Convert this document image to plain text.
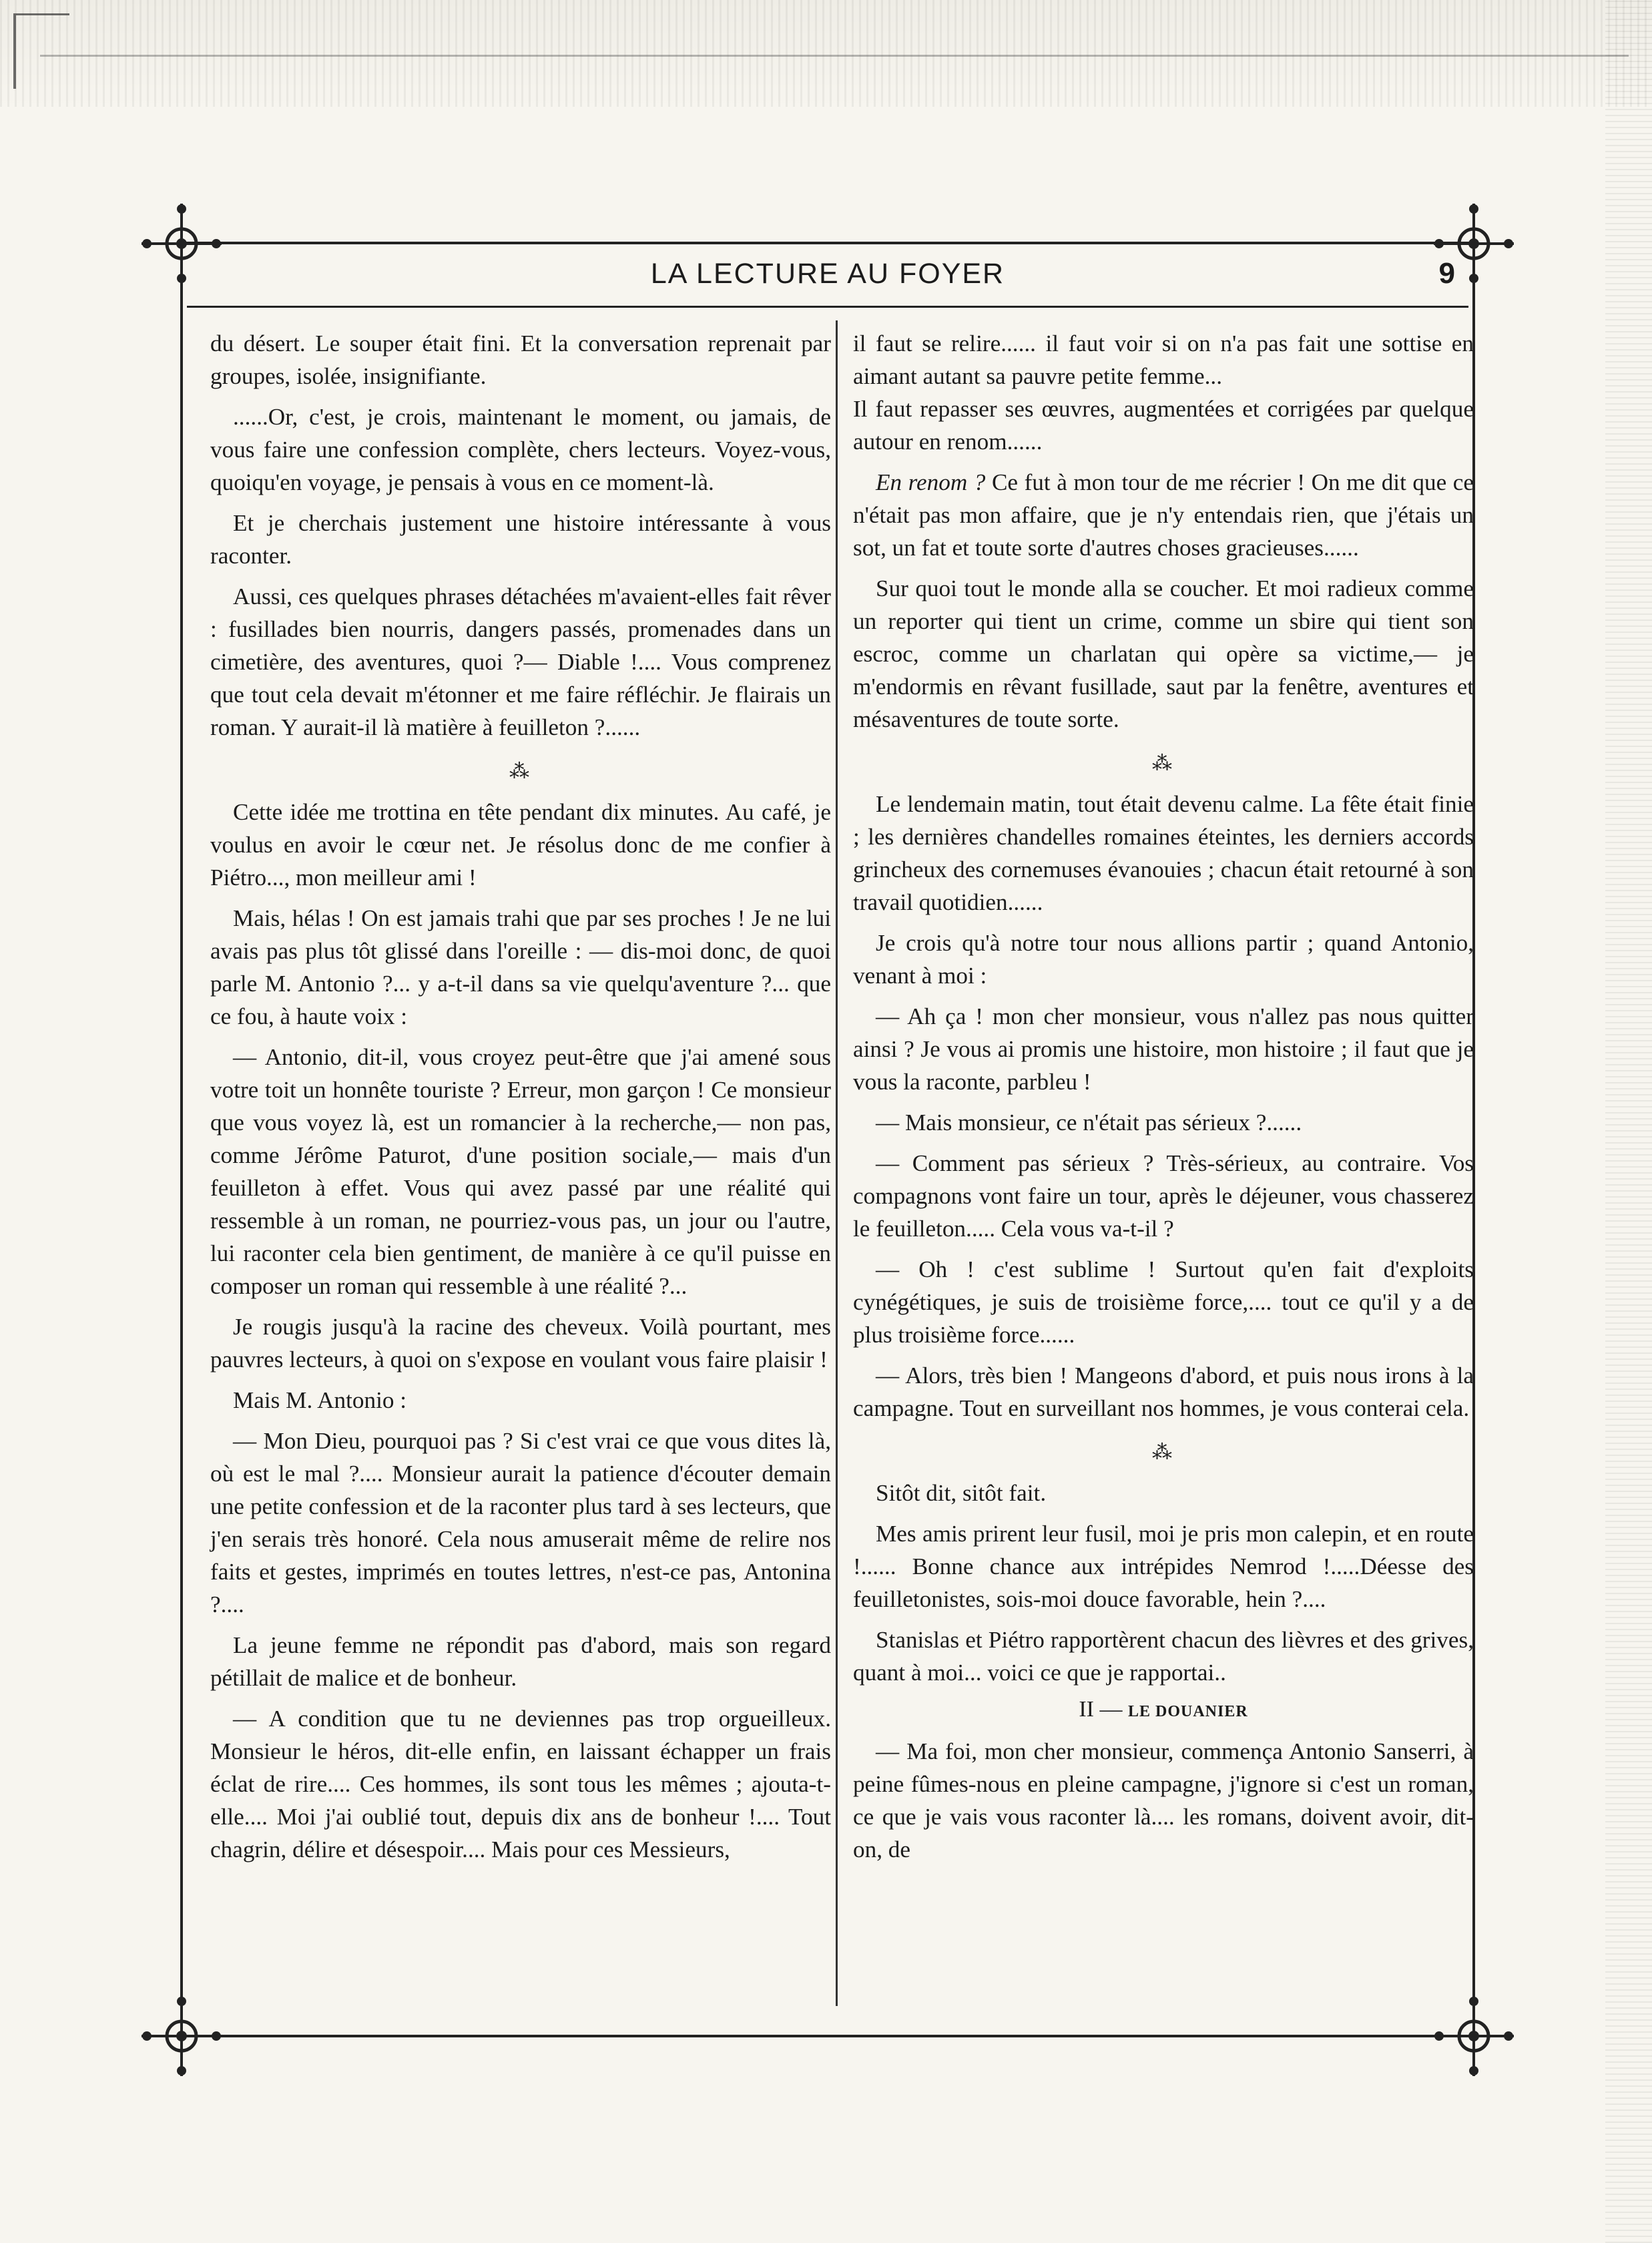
LA LECTURE AU FOYER	9

du désert. Le souper était fini. Et la conversation reprenait par groupes, isolée, insignifiante.

......Or, c'est, je crois, maintenant le moment, ou jamais, de vous faire une confession complète, chers lecteurs. Voyez-vous, quoiqu'en voyage, je pensais à vous en ce moment-là.

Et je cherchais justement une histoire intéressante à vous raconter.

Aussi, ces quelques phrases détachées m'avaient-elles fait rêver : fusillades bien nourris, dangers passés, promenades dans un cimetière, des aventures, quoi ?— Diable !.... Vous comprenez que tout cela devait m'étonner et me faire réfléchir. Je flairais un roman. Y aurait-il là matière à feuilleton ?......

⁂

Cette idée me trottina en tête pendant dix minutes. Au café, je voulus en avoir le cœur net. Je résolus donc de me confier à Piétro..., mon meilleur ami !

Mais, hélas ! On est jamais trahi que par ses proches ! Je ne lui avais pas plus tôt glissé dans l'oreille : — dis-moi donc, de quoi parle M. Antonio ?... y a-t-il dans sa vie quelqu'aventure ?... que ce fou, à haute voix :

— Antonio, dit-il, vous croyez peut-être que j'ai amené sous votre toit un honnête touriste ? Erreur, mon garçon ! Ce monsieur que vous voyez là, est un romancier à la recherche,— non pas, comme Jérôme Paturot, d'une position sociale,— mais d'un feuilleton à effet. Vous qui avez passé par une réalité qui ressemble à un roman, ne pourriez-vous pas, un jour ou l'autre, lui raconter cela bien gentiment, de manière à ce qu'il puisse en composer un roman qui ressemble à une réalité ?...

Je rougis jusqu'à la racine des cheveux. Voilà pourtant, mes pauvres lecteurs, à quoi on s'expose en voulant vous faire plaisir !

Mais M. Antonio :

— Mon Dieu, pourquoi pas ? Si c'est vrai ce que vous dites là, où est le mal ?.... Monsieur aurait la patience d'écouter demain une petite confession et de la raconter plus tard à ses lecteurs, que j'en serais très honoré. Cela nous amuserait même de relire nos faits et gestes, imprimés en toutes lettres, n'est-ce pas, Antonina ?....

La jeune femme ne répondit pas d'abord, mais son regard pétillait de malice et de bonheur.

— A condition que tu ne deviennes pas trop orgueilleux. Monsieur le héros, dit-elle enfin, en laissant échapper un frais éclat de rire.... Ces hommes, ils sont tous les mêmes ; ajouta-t-elle.... Moi j'ai oublié tout, depuis dix ans de bonheur !.... Tout chagrin, délire et désespoir.... Mais pour ces Messieurs,

il faut se relire...... il faut voir si on n'a pas fait une sottise en aimant autant sa pauvre petite femme...

Il faut repasser ses œuvres, augmentées et corrigées par quelque autour en renom......

En renom ? Ce fut à mon tour de me récrier ! On me dit que ce n'était pas mon affaire, que je n'y entendais rien, que j'étais un sot, un fat et toute sorte d'autres choses gracieuses......

Sur quoi tout le monde alla se coucher. Et moi radieux comme un reporter qui tient un crime, comme un sbire qui tient son escroc, comme un charlatan qui opère sa victime,— je m'endormis en rêvant fusillade, saut par la fenêtre, aventures et mésaventures de toute sorte.

⁂

Le lendemain matin, tout était devenu calme. La fête était finie ; les dernières chandelles romaines éteintes, les derniers accords grincheux des cornemuses évanouies ; chacun était retourné à son travail quotidien......

Je crois qu'à notre tour nous allions partir ; quand Antonio, venant à moi :

— Ah ça ! mon cher monsieur, vous n'allez pas nous quitter ainsi ? Je vous ai promis une histoire, mon histoire ; il faut que je vous la raconte, parbleu !

— Mais monsieur, ce n'était pas sérieux ?......

— Comment pas sérieux ? Très-sérieux, au contraire. Vos compagnons vont faire un tour, après le déjeuner, vous chasserez le feuilleton..... Cela vous va-t-il ?

— Oh ! c'est sublime ! Surtout qu'en fait d'exploits cynégétiques, je suis de troisième force,.... tout ce qu'il y a de plus troisième force......

— Alors, très bien ! Mangeons d'abord, et puis nous irons à la campagne. Tout en surveillant nos hommes, je vous conterai cela.

⁂

Sitôt dit, sitôt fait.

Mes amis prirent leur fusil, moi je pris mon calepin, et en route !...... Bonne chance aux intrépides Nemrod !.....Déesse des feuilletonistes, sois-moi douce favorable, hein ?....

Stanislas et Piétro rapportèrent chacun des lièvres et des grives, quant à moi... voici ce que je rapportai..

II — LE DOUANIER

— Ma foi, mon cher monsieur, commença Antonio Sanserri, à peine fûmes-nous en pleine campagne, j'ignore si c'est un roman, ce que je vais vous raconter là.... les romans, doivent avoir, dit-on, de
